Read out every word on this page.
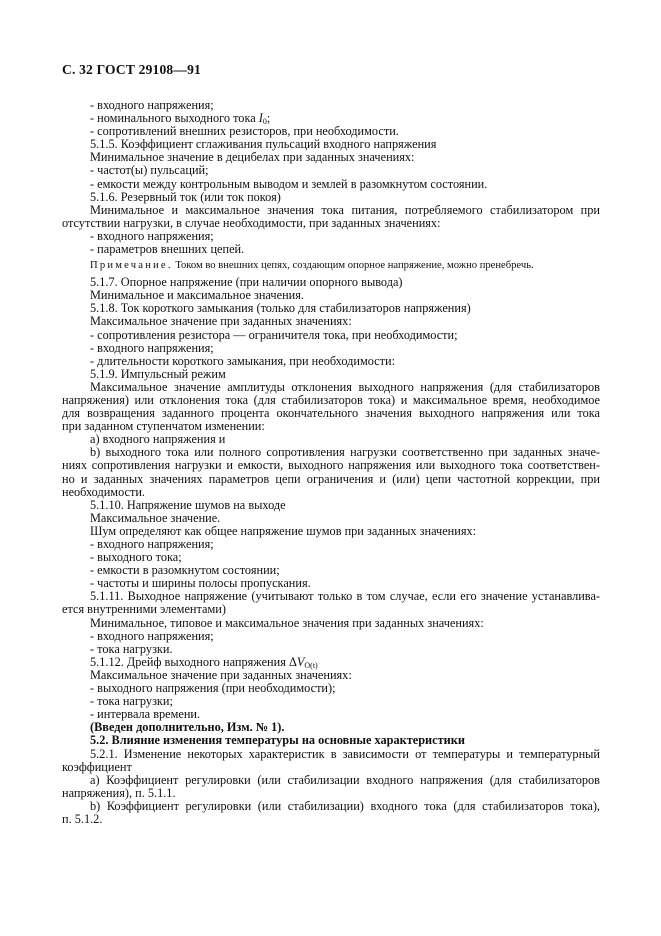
С. 32 ГОСТ 29108—91
- входного напряжения;
- номинального выходного тока $I_0$;
- сопротивлений внешних резисторов, при необходимости.
5.1.5. Коэффициент сглаживания пульсаций входного напряжения
Минимальное значение в децибелах при заданных значениях:
- частот(ы) пульсаций;
- емкости между контрольным выводом и землей в разомкнутом состоянии.
5.1.6. Резервный ток (или ток покоя)
Минимальное и максимальное значения тока питания, потребляемого стабилизатором при
отсутствии нагрузки, в случае необходимости, при заданных значениях:
- входного напряжения;
- параметров внешних цепей.
Примечание. Током во внешних цепях, создающим опорное напряжение, можно пренебречь.
5.1.7. Опорное напряжение (при наличии опорного вывода)
Минимальное и максимальное значения.
5.1.8. Ток короткого замыкания (только для стабилизаторов напряжения)
Максимальное значение при заданных значениях:
- сопротивления резистора — ограничителя тока, при необходимости;
- входного напряжения;
- длительности короткого замыкания, при необходимости:
5.1.9. Импульсный режим
Максимальное значение амплитуды отклонения выходного напряжения (для стабилизаторов
напряжения) или отклонения тока (для стабилизаторов тока) и максимальное время, необходимое
для возвращения заданного процента окончательного значения выходного напряжения или тока
при заданном ступенчатом изменении:
a) входного напряжения и
b) выходного тока или полного сопротивления нагрузки соответственно при заданных значе-
ниях сопротивления нагрузки и емкости, выходного напряжения или выходного тока соответствен-
но и заданных значениях параметров цепи ограничения и (или) цепи частотной коррекции, при
необходимости.
5.1.10. Напряжение шумов на выходе
Максимальное значение.
Шум определяют как общее напряжение шумов при заданных значениях:
- входного напряжения;
- выходного тока;
- емкости в разомкнутом состоянии;
- частоты и ширины полосы пропускания.
5.1.11. Выходное напряжение (учитывают только в том случае, если его значение устанавлива-
ется внутренними элементами)
Минимальное, типовое и максимальное значения при заданных значениях:
- входного напряжения;
- тока нагрузки.
5.1.12. Дрейф выходного напряжения $\Delta V_{O(t)}$
Максимальное значение при заданных значениях:
- выходного напряжения (при необходимости);
- тока нагрузки;
- интервала времени.
(Введен дополнительно, Изм. № 1).
5.2. Влияние изменения температуры на основные характеристики
5.2.1. Изменение некоторых характеристик в зависимости от температуры и температурный
коэффициент
a) Коэффициент регулировки (или стабилизации входного напряжения (для стабилизаторов
напряжения), п. 5.1.1.
b) Коэффициент регулировки (или стабилизации) входного тока (для стабилизаторов тока),
п. 5.1.2.
